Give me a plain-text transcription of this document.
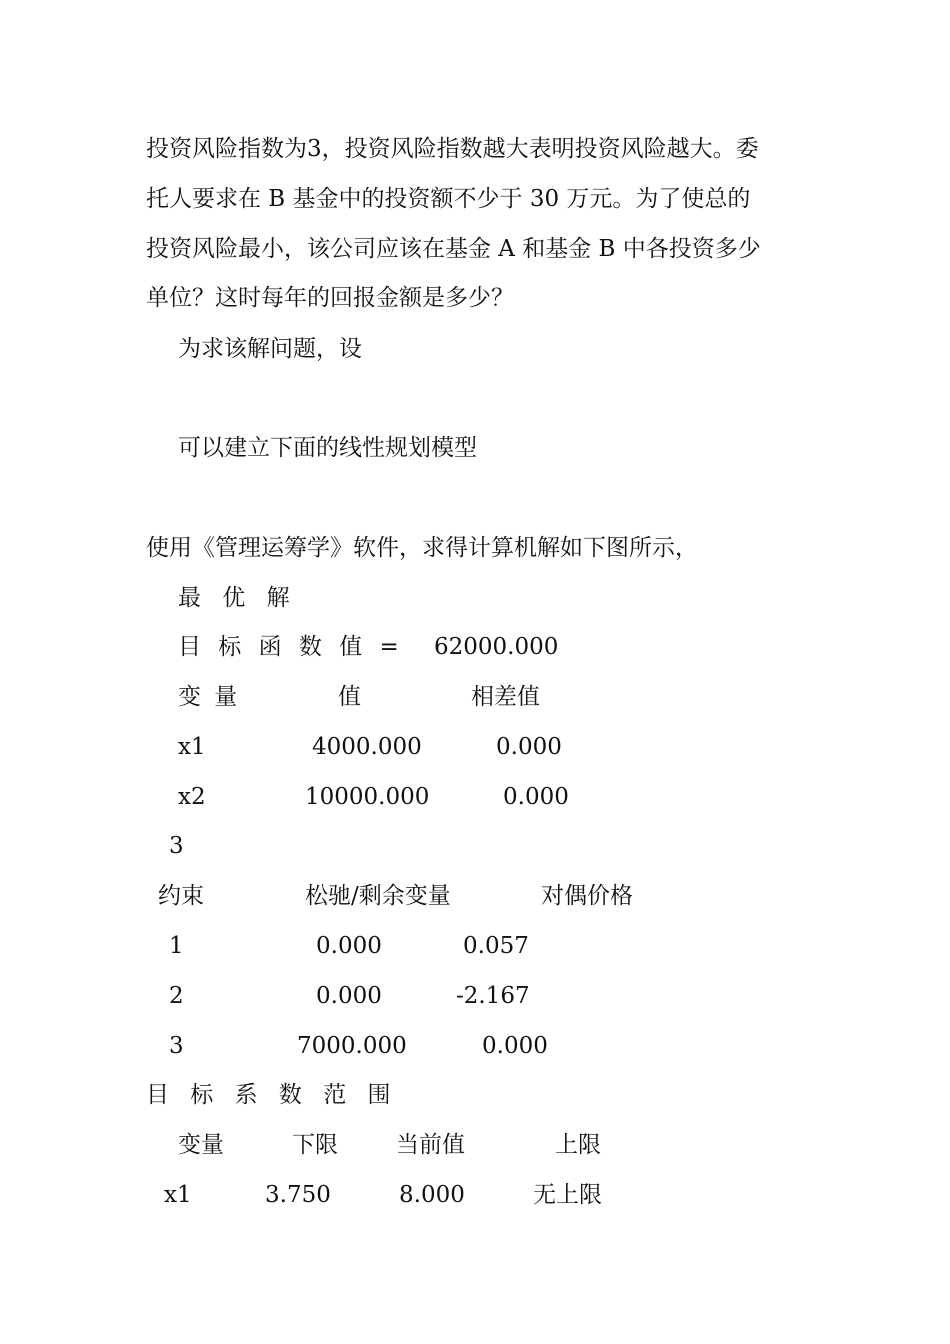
投资风险指数为3，投资风险指数越大表明投资风险越大。委
托人要求在 B 基金中的投资额不少于 30 万元。为了使总的
投资风险最小，该公司应该在基金 A 和基金 B 中各投资多少
单位？这时每年的回报金额是多少？
为求该解问题，设
可以建立下面的线性规划模型
使用《管理运筹学》软件，求得计算机解如下图所示，
最 优 解
目 标 函 数 值 = 62000.000
变 量	值	相差值
x1	4000.000	0.000
x2	10000.000	0.000
3
约束	松驰/剩余变量	对偶价格
1	0.000	0.057
2	0.000	-2.167
3	7000.000	0.000
目 标 系 数 范 围
变量	下限	当前值	上限
x1	3.750	8.000	无上限
